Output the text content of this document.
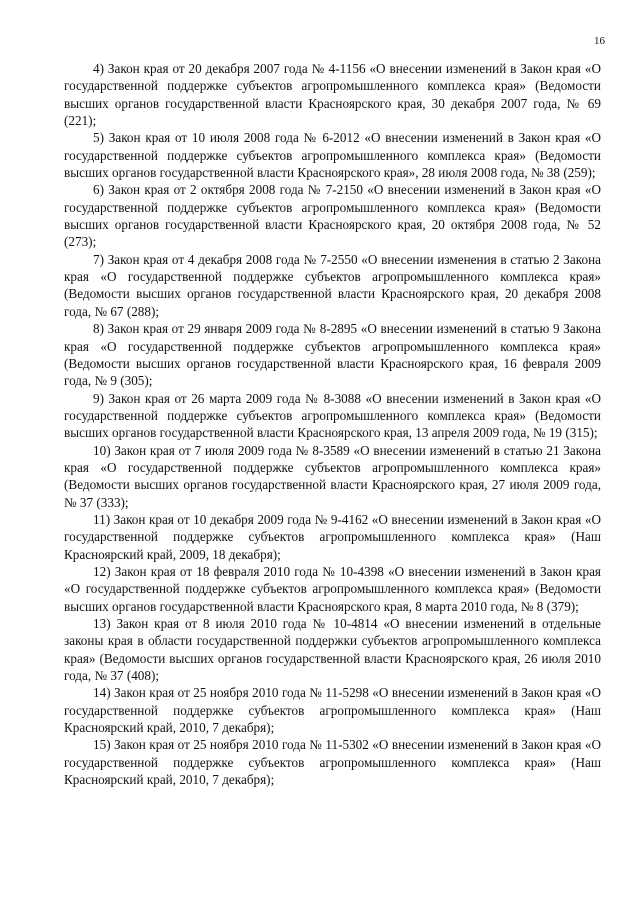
16

4) Закон края от 20 декабря 2007 года № 4-1156 «О внесении изменений в Закон края «О государственной поддержке субъектов агропромышленного комплекса края» (Ведомости высших органов государственной власти Красноярского края, 30 декабря 2007 года, № 69 (221);

5) Закон края от 10 июля 2008 года № 6-2012 «О внесении изменений в Закон края «О государственной поддержке субъектов агропромышленного комплекса края» (Ведомости высших органов государственной власти Красноярского края», 28 июля 2008 года, № 38 (259);

6) Закон края от 2 октября 2008 года № 7-2150 «О внесении изменений в Закон края «О государственной поддержке субъектов агропромышленного комплекса края» (Ведомости высших органов государственной власти Красноярского края, 20 октября 2008 года, № 52 (273);

7) Закон края от 4 декабря 2008 года № 7-2550 «О внесении изменения в статью 2 Закона края «О государственной поддержке субъектов агропромышленного комплекса края» (Ведомости высших органов государственной власти Красноярского края, 20 декабря 2008 года, № 67 (288);

8) Закон края от 29 января 2009 года № 8-2895 «О внесении изменений в статью 9 Закона края «О государственной поддержке субъектов агропромышленного комплекса края» (Ведомости высших органов государственной власти Красноярского края, 16 февраля 2009 года, № 9 (305);

9) Закон края от 26 марта 2009 года № 8-3088 «О внесении изменений в Закон края «О государственной поддержке субъектов агропромышленного комплекса края» (Ведомости высших органов государственной власти Красноярского края, 13 апреля 2009 года, № 19 (315);

10) Закон края от 7 июля 2009 года № 8-3589 «О внесении изменений в статью 21 Закона края «О государственной поддержке субъектов агропромышленного комплекса края» (Ведомости высших органов государственной власти Красноярского края, 27 июля 2009 года, № 37 (333);

11) Закон края от 10 декабря 2009 года № 9-4162 «О внесении изменений в Закон края «О государственной поддержке субъектов агропромышленного комплекса края» (Наш Красноярский край, 2009, 18 декабря);

12) Закон края от 18 февраля 2010 года № 10-4398 «О внесении изменений в Закон края «О государственной поддержке субъектов агропромышленного комплекса края» (Ведомости высших органов государственной власти Красноярского края, 8 марта 2010 года, № 8 (379);

13) Закон края от 8 июля 2010 года № 10-4814 «О внесении изменений в отдельные законы края в области государственной поддержки субъектов агропромышленного комплекса края» (Ведомости высших органов государственной власти Красноярского края, 26 июля 2010 года, № 37 (408);

14) Закон края от 25 ноября 2010 года № 11-5298 «О внесении изменений в Закон края «О государственной поддержке субъектов агропромышленного комплекса края» (Наш Красноярский край, 2010, 7 декабря);

15) Закон края от 25 ноября 2010 года № 11-5302 «О внесении изменений в Закон края «О государственной поддержке субъектов агропромышленного комплекса края» (Наш Красноярский край, 2010, 7 декабря);
